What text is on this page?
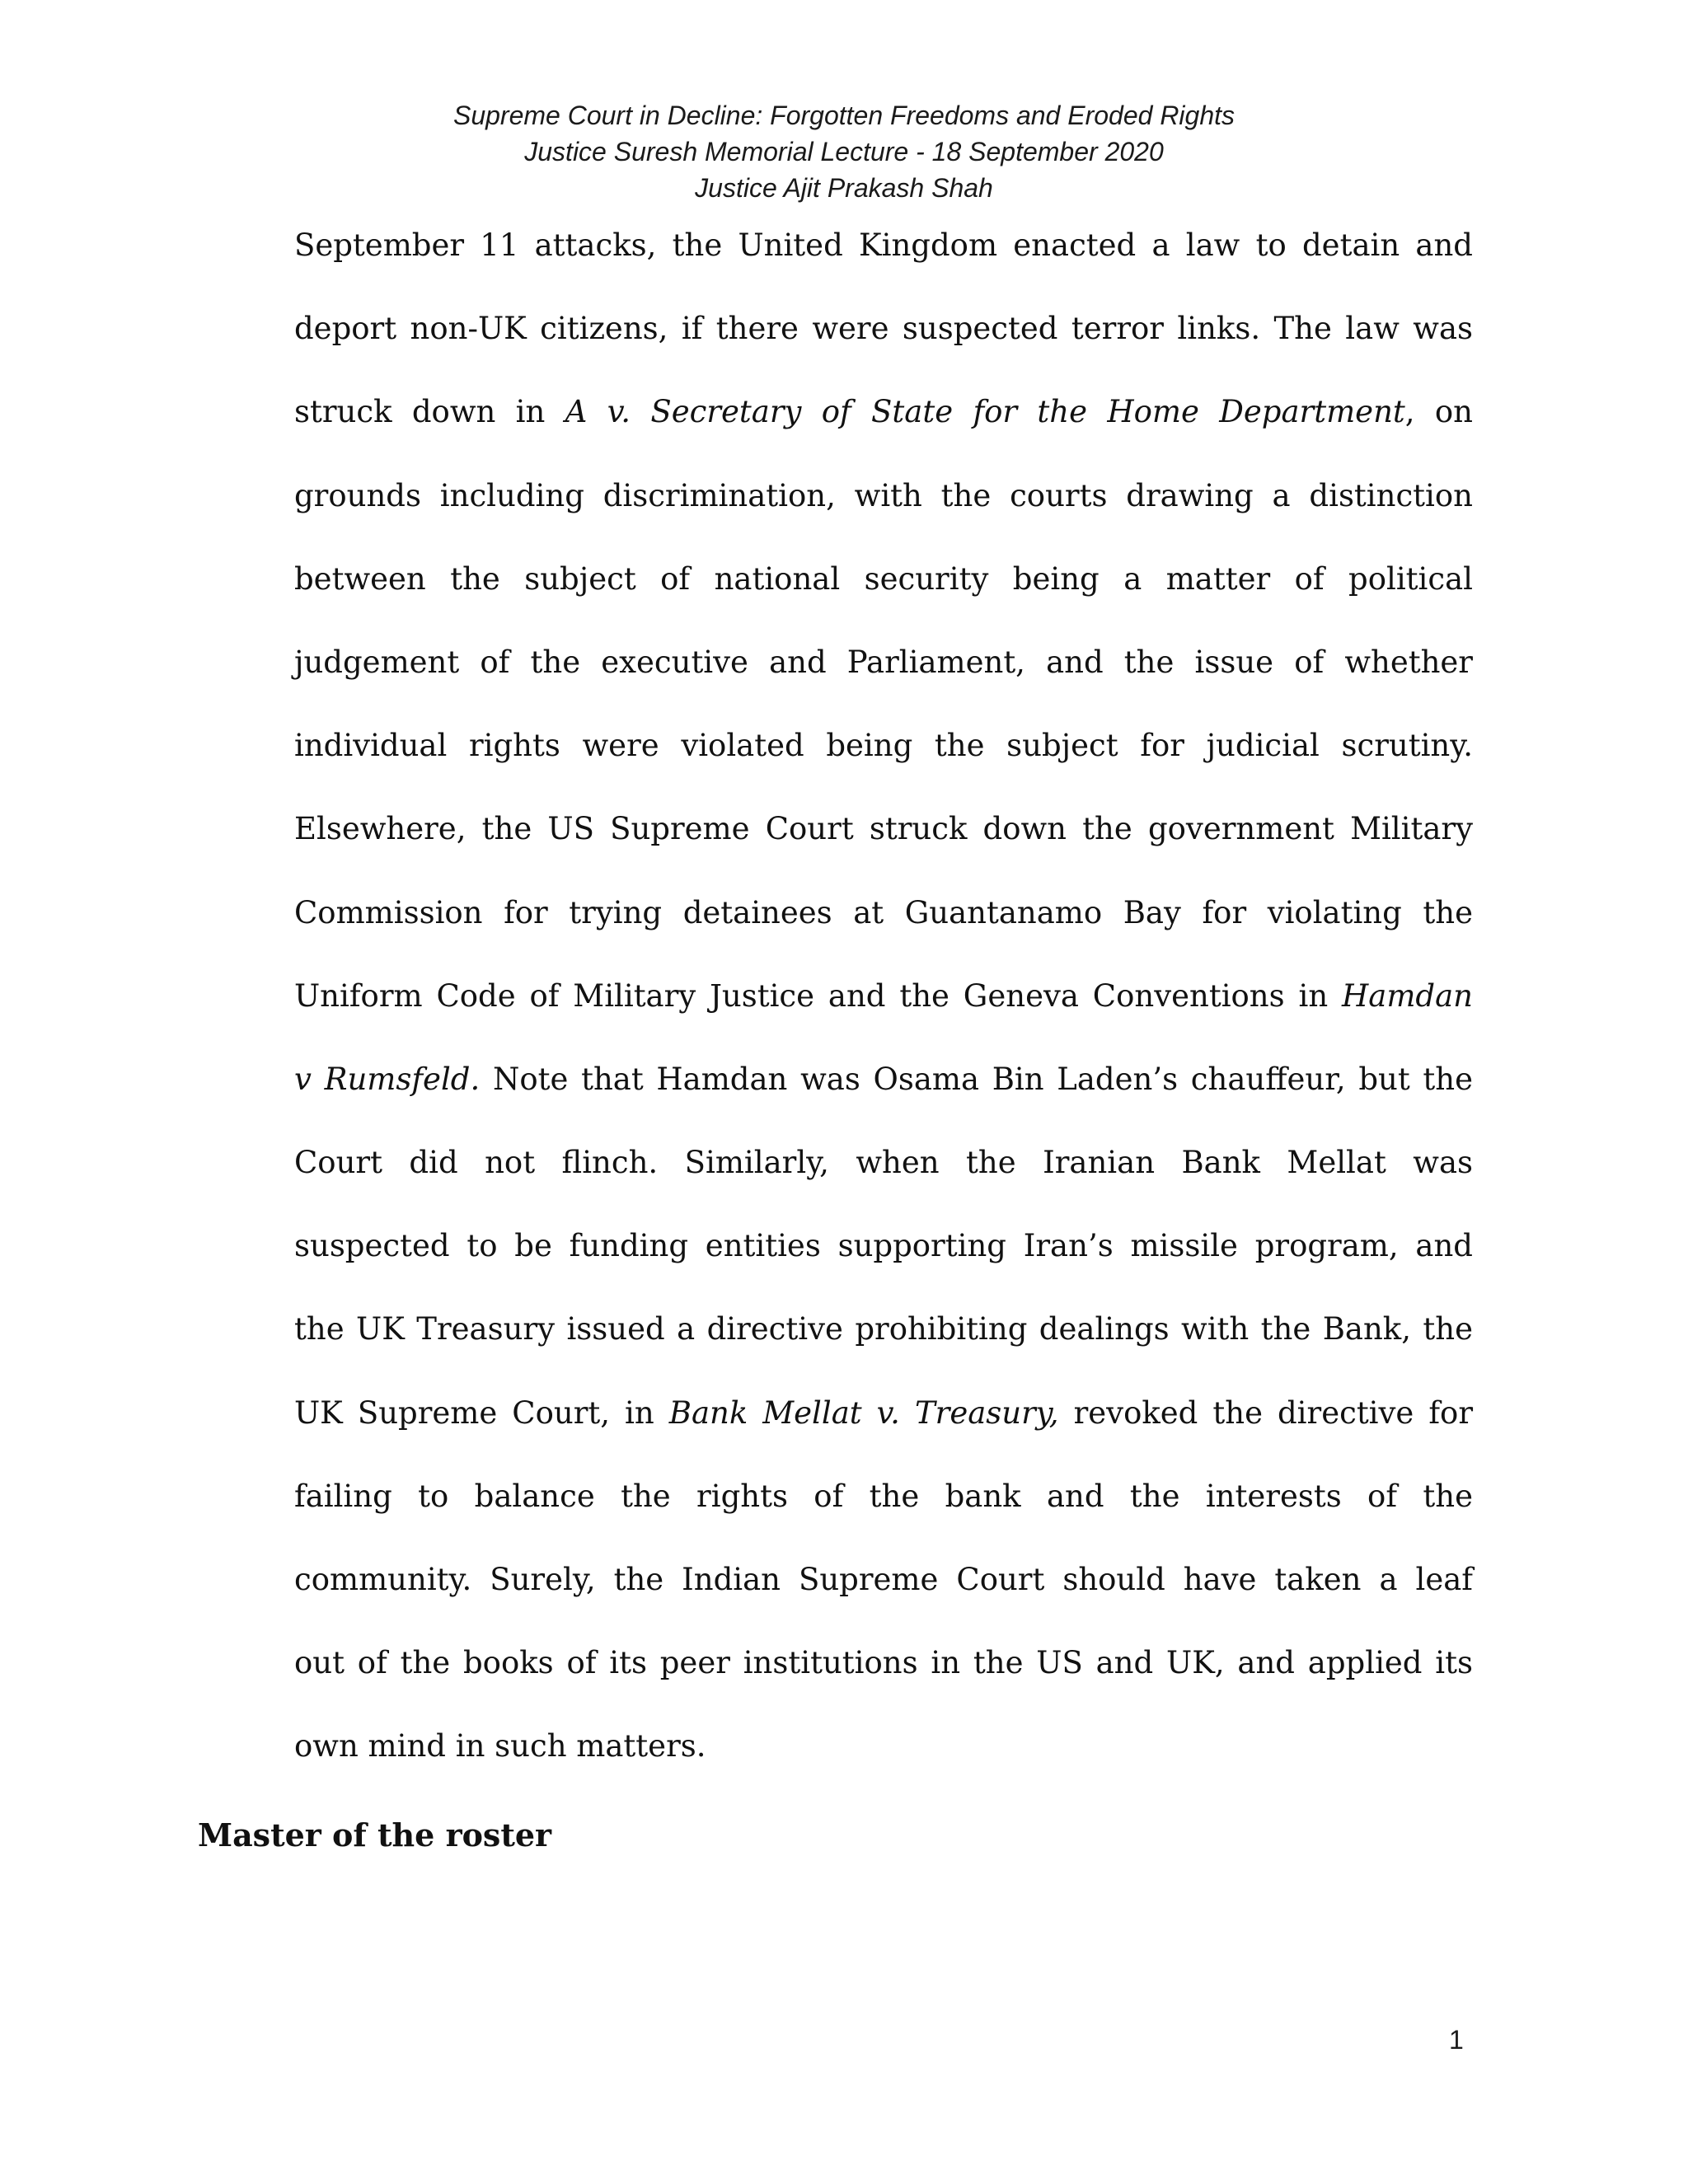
Supreme Court in Decline: Forgotten Freedoms and Eroded Rights
Justice Suresh Memorial Lecture - 18 September 2020
Justice Ajit Prakash Shah
September 11 attacks, the United Kingdom enacted a law to detain and
deport non-UK citizens, if there were suspected terror links. The law was
struck down in A v. Secretary of State for the Home Department, on
grounds including discrimination, with the courts drawing a distinction
between the subject of national security being a matter of political
judgement of the executive and Parliament, and the issue of whether
individual rights were violated being the subject for judicial scrutiny.
Elsewhere, the US Supreme Court struck down the government Military
Commission for trying detainees at Guantanamo Bay for violating the
Uniform Code of Military Justice and the Geneva Conventions in Hamdan
v Rumsfeld. Note that Hamdan was Osama Bin Laden’s chauffeur, but the
Court did not flinch. Similarly, when the Iranian Bank Mellat was
suspected to be funding entities supporting Iran’s missile program, and
the UK Treasury issued a directive prohibiting dealings with the Bank, the
UK Supreme Court, in Bank Mellat v. Treasury, revoked the directive for
failing to balance the rights of the bank and the interests of the
community. Surely, the Indian Supreme Court should have taken a leaf
out of the books of its peer institutions in the US and UK, and applied its
own mind in such matters.
Master of the roster
1
